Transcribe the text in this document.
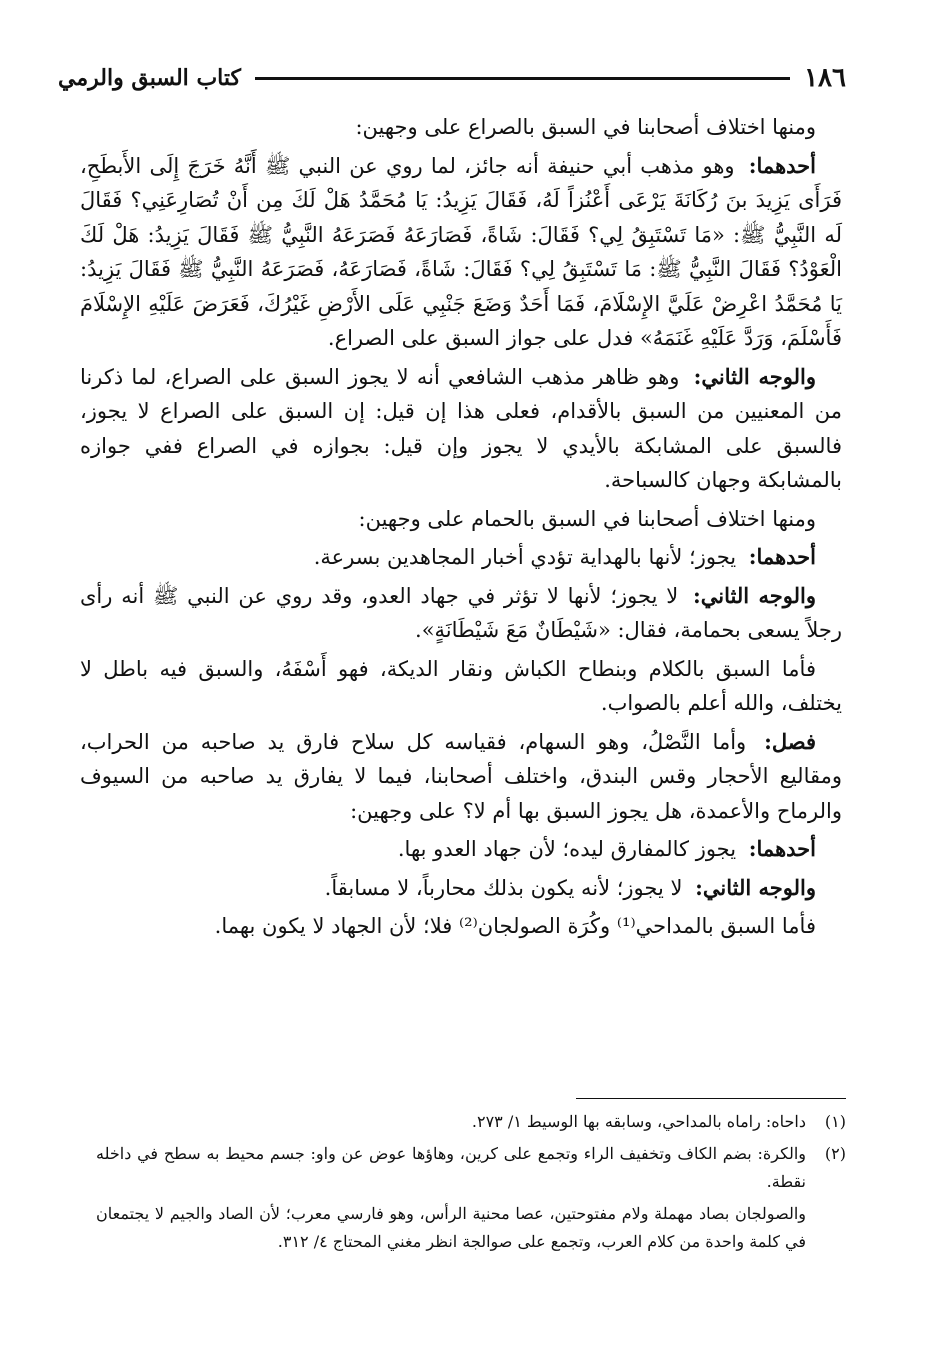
١٨٦
كتاب السبق والرمي

ومنها اختلاف أصحابنا في السبق بالصراع على وجهين:

أحدهما: وهو مذهب أبي حنيفة أنه جائز، لما روي عن النبي ﷺ أَنَّهُ خَرَجَ إِلَى الأَبطَحِ، فَرَأَى يَزِيدَ بنَ رُكَانَةَ يَرْعَى أَعْنُزاً لَهُ، فَقَالَ يَزِيدُ: يَا مُحَمَّدُ هَلْ لَكَ مِن أَنْ تُصَارِعَنِي؟ فَقَالَ لَه النَّبِيُّ ﷺ: «مَا تَسْتَبِقُ لِي؟ فَقَالَ: شَاةً، فَصَارَعَهُ فَصَرَعَهُ النَّبِيُّ ﷺ فَقَالَ يَزِيدُ: هَلْ لَكَ الْعَوْدُ؟ فَقَالَ النَّبِيُّ ﷺ: مَا تَسْتَبِقُ لِي؟ فَقَالَ: شَاةً، فَصَارَعَهُ، فَصَرَعَهُ النَّبِيُّ ﷺ فَقَالَ يَزِيدُ: يَا مُحَمَّدُ اعْرِضْ عَلَيَّ الإِسْلَامَ، فَمَا أَحَدٌ وَضَعَ جَنْبِي عَلَى الأَرْضِ غَيْرُكَ، فَعَرَضَ عَلَيْهِ الإِسْلَامَ فَأَسْلَمَ، وَرَدَّ عَلَيْهِ غَنَمَهُ» فدل على جواز السبق على الصراع.

والوجه الثاني: وهو ظاهر مذهب الشافعي أنه لا يجوز السبق على الصراع، لما ذكرنا من المعنيين من السبق بالأقدام، فعلى هذا إن قيل: إن السبق على الصراع لا يجوز، فالسبق على المشابكة بالأيدي لا يجوز وإن قيل: بجوازه في الصراع ففي جوازه بالمشابكة وجهان كالسباحة.

ومنها اختلاف أصحابنا في السبق بالحمام على وجهين:

أحدهما: يجوز؛ لأنها بالهداية تؤدي أخبار المجاهدين بسرعة.

والوجه الثاني: لا يجوز؛ لأنها لا تؤثر في جهاد العدو، وقد روي عن النبي ﷺ أنه رأى رجلاً يسعى بحمامة، فقال: «شَيْطَانٌ مَعَ شَيْطَانَةٍ».

فأما السبق بالكلام وبنطاح الكباش ونقار الديكة، فهو أَسْفَهُ، والسبق فيه باطل لا يختلف، والله أعلم بالصواب.

فصل: وأما النَّصْلُ، وهو السهام، فقياسه كل سلاح فارق يد صاحبه من الحراب، ومقاليع الأحجار وقس البندق، واختلف أصحابنا، فيما لا يفارق يد صاحبه من السيوف والرماح والأعمدة، هل يجوز السبق بها أم لا؟ على وجهين:

أحدهما: يجوز كالمفارق ليده؛ لأن جهاد العدو بها.

والوجه الثاني: لا يجوز؛ لأنه يكون بذلك محارباً، لا مسابقاً.

فأما السبق بالمداحي⁽¹⁾ وكُرَة الصولجان⁽²⁾ فلا؛ لأن الجهاد لا يكون بهما.

(١)
داحاه: راماه بالمداحي، وسابقه بها الوسيط ١/ ٢٧٣.

(٢)
والكرة: بضم الكاف وتخفيف الراء وتجمع على كرين، وهاؤها عوض عن واو: جسم محيط به سطح في داخله نقطة.

والصولجان بصاد مهملة ولام مفتوحتين، عصا محنية الرأس، وهو فارسي معرب؛ لأن الصاد والجيم لا يجتمعان في كلمة واحدة من كلام العرب، وتجمع على صوالجة انظر مغني المحتاج ٤/ ٣١٢.
